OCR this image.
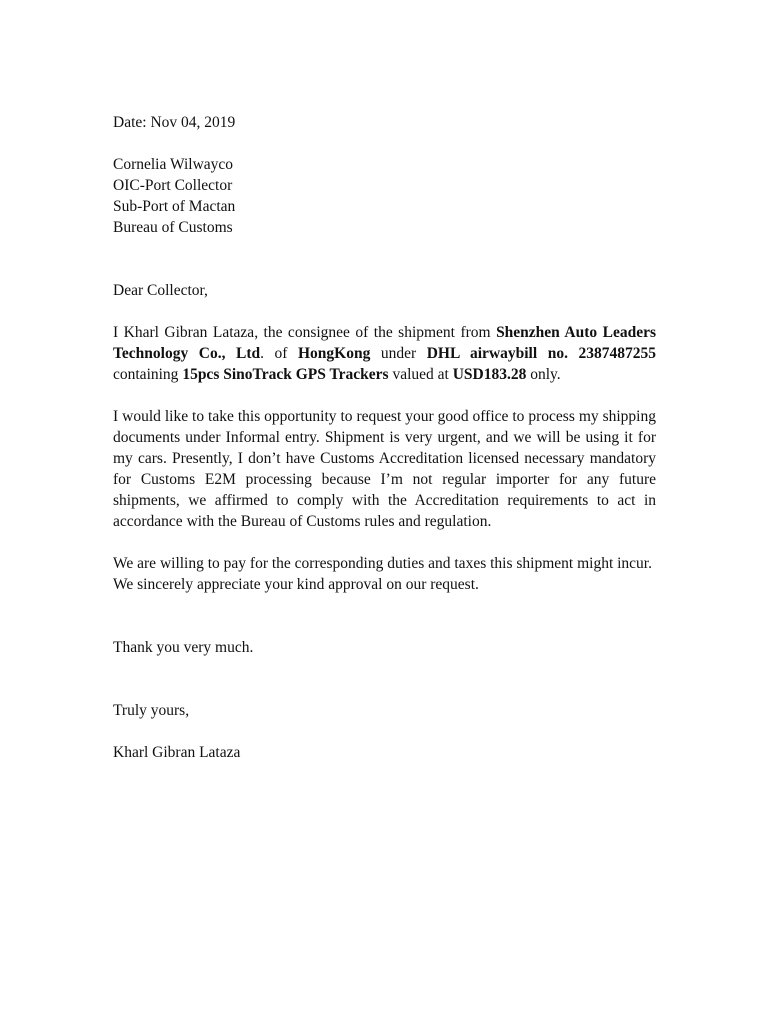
Date: Nov 04, 2019

Cornelia Wilwayco
OIC-Port Collector
Sub-Port of Mactan
Bureau of Customs

Dear Collector,

I Kharl Gibran Lataza, the consignee of the shipment from Shenzhen Auto Leaders Technology Co., Ltd. of HongKong under DHL airwaybill no. 2387487255 containing 15pcs SinoTrack GPS Trackers valued at USD183.28 only.

I would like to take this opportunity to request your good office to process my shipping documents under Informal entry. Shipment is very urgent, and we will be using it for my cars. Presently, I don’t have Customs Accreditation licensed necessary mandatory for Customs E2M processing because I’m not regular importer for any future shipments, we affirmed to comply with the Accreditation requirements to act in accordance with the Bureau of Customs rules and regulation.

We are willing to pay for the corresponding duties and taxes this shipment might incur.

We sincerely appreciate your kind approval on our request.

Thank you very much.

Truly yours,

Kharl Gibran Lataza
